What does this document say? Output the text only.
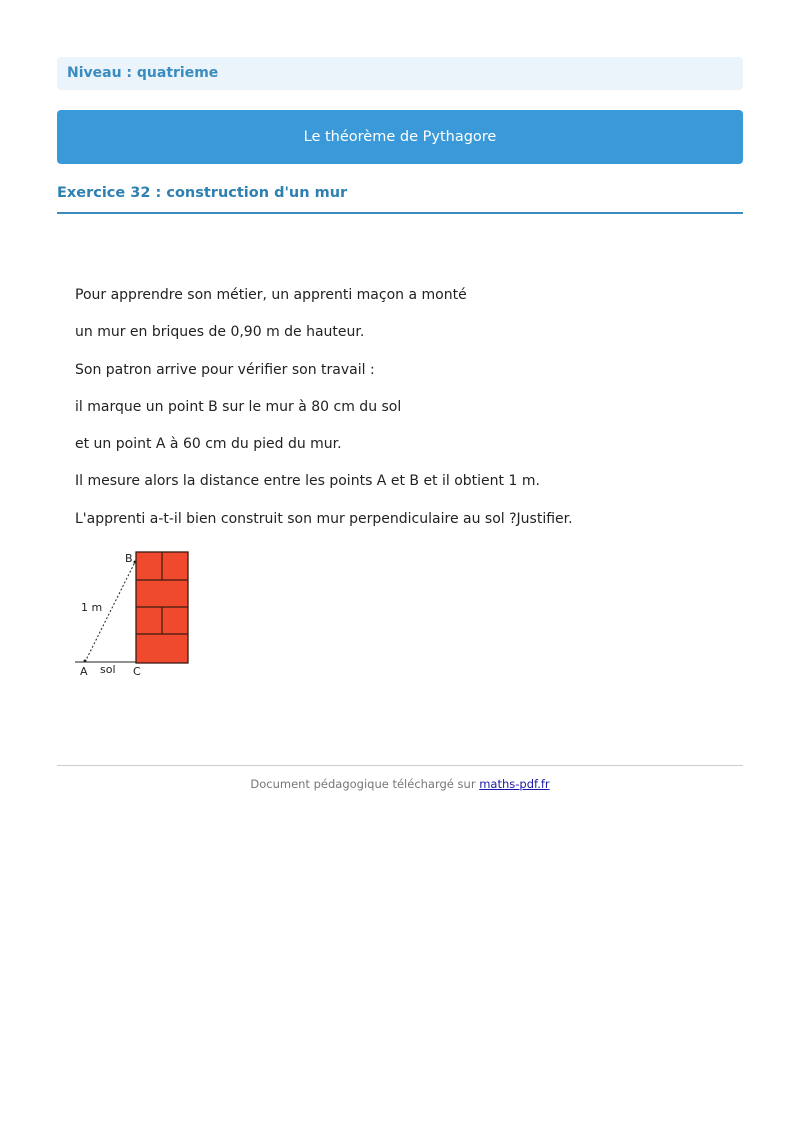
Niveau : quatrieme
Le théorème de Pythagore
Exercice 32 : construction d'un mur
Pour apprendre son métier, un apprenti maçon a monté
un mur en briques de 0,90 m de hauteur.
Son patron arrive pour vérifier son travail :
il marque un point B sur le mur à 80 cm du sol
et un point A à 60 cm du pied du mur.
Il mesure alors la distance entre les points A et B et il obtient 1 m.
L'apprenti a-t-il bien construit son mur perpendiculaire au sol ?Justifier.
B
1 m
A sol C
Document pédagogique téléchargé sur maths-pdf.fr
